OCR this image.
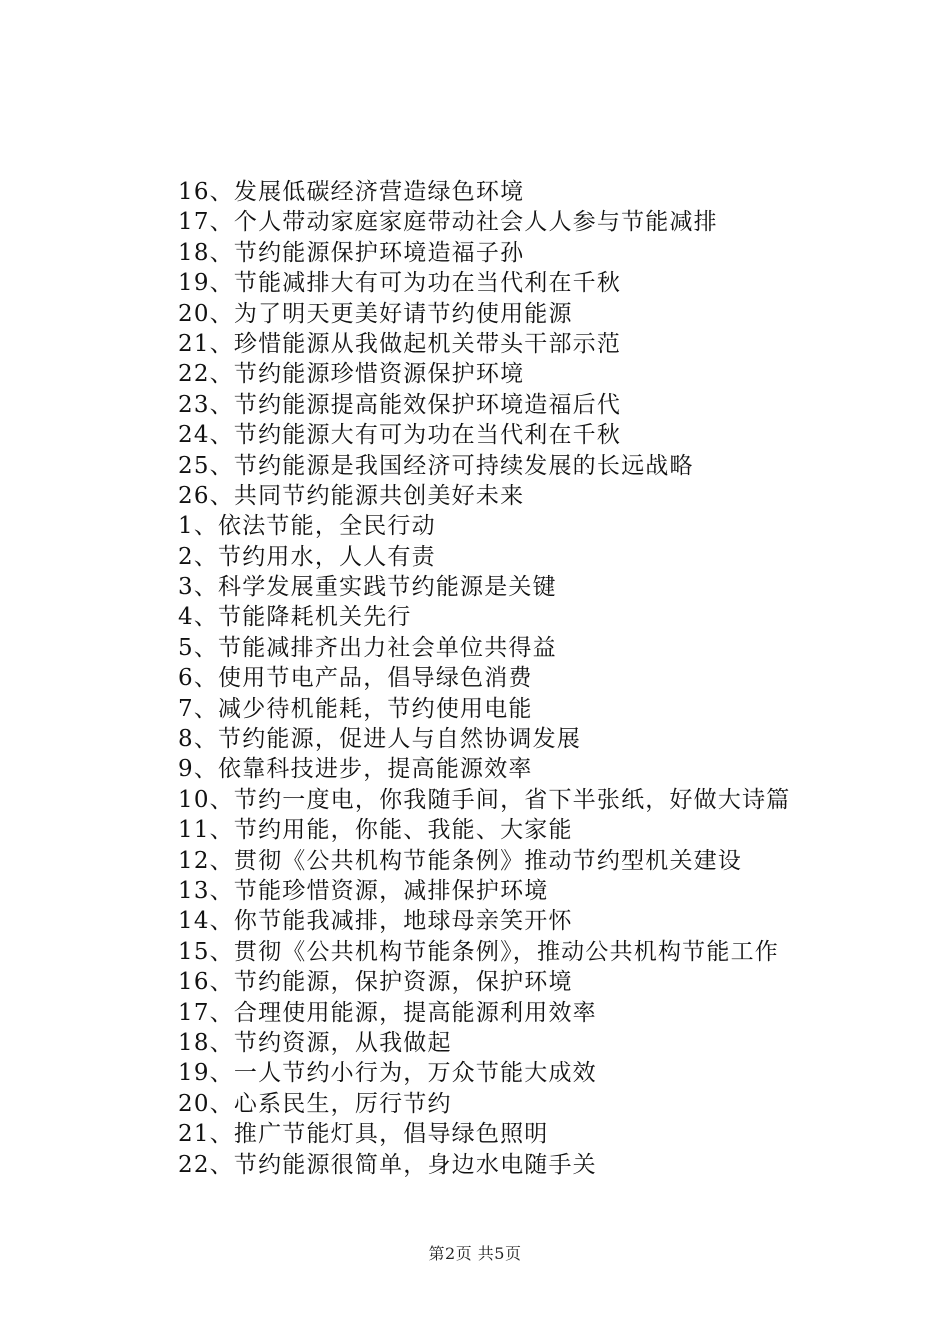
16、发展低碳经济营造绿色环境
17、个人带动家庭家庭带动社会人人参与节能减排
18、节约能源保护环境造福子孙
19、节能减排大有可为功在当代利在千秋
20、为了明天更美好请节约使用能源
21、珍惜能源从我做起机关带头干部示范
22、节约能源珍惜资源保护环境
23、节约能源提高能效保护环境造福后代
24、节约能源大有可为功在当代利在千秋
25、节约能源是我国经济可持续发展的长远战略
26、共同节约能源共创美好未来
1、依法节能，全民行动
2、节约用水，人人有责
3、科学发展重实践节约能源是关键
4、节能降耗机关先行
5、节能减排齐出力社会单位共得益
6、使用节电产品，倡导绿色消费
7、减少待机能耗，节约使用电能
8、节约能源，促进人与自然协调发展
9、依靠科技进步，提高能源效率
10、节约一度电，你我随手间，省下半张纸，好做大诗篇
11、节约用能，你能、我能、大家能
12、贯彻《公共机构节能条例》推动节约型机关建设
13、节能珍惜资源，减排保护环境
14、你节能我减排，地球母亲笑开怀
15、贯彻《公共机构节能条例》，推动公共机构节能工作
16、节约能源，保护资源，保护环境
17、合理使用能源，提高能源利用效率
18、节约资源，从我做起
19、一人节约小行为，万众节能大成效
20、心系民生，厉行节约
21、推广节能灯具，倡导绿色照明
22、节约能源很简单，身边水电随手关
第2页 共5页
